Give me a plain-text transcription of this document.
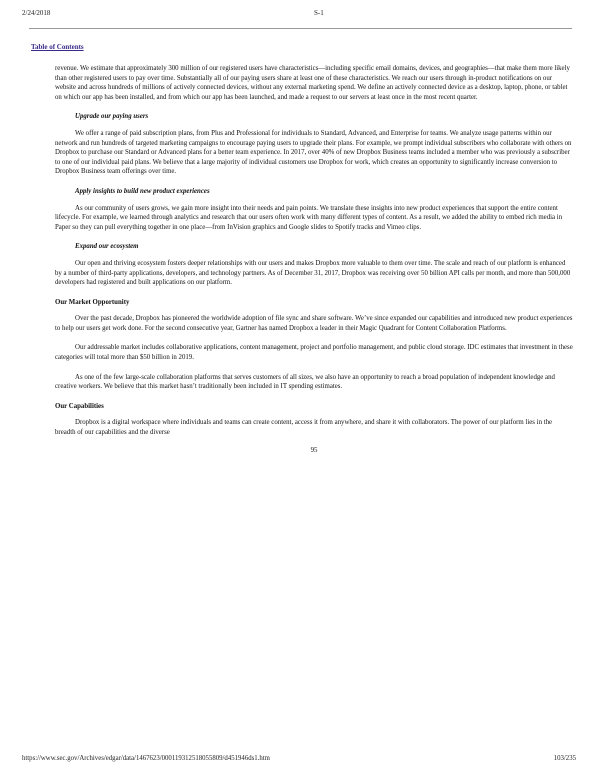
2/24/2018	S-1
Table of Contents

revenue. We estimate that approximately 300 million of our registered users have characteristics—including specific email domains, devices, and geographies—that make them more likely than other registered users to pay over time. Substantially all of our paying users share at least one of these characteristics. We reach our users through in-product notifications on our website and across hundreds of millions of actively connected devices, without any external marketing spend. We define an actively connected device as a desktop, laptop, phone, or tablet on which our app has been installed, and from which our app has been launched, and made a request to our servers at least once in the most recent quarter.

Upgrade our paying users

We offer a range of paid subscription plans, from Plus and Professional for individuals to Standard, Advanced, and Enterprise for teams. We analyze usage patterns within our network and run hundreds of targeted marketing campaigns to encourage paying users to upgrade their plans. For example, we prompt individual subscribers who collaborate with others on Dropbox to purchase our Standard or Advanced plans for a better team experience. In 2017, over 40% of new Dropbox Business teams included a member who was previously a subscriber to one of our individual paid plans. We believe that a large majority of individual customers use Dropbox for work, which creates an opportunity to significantly increase conversion to Dropbox Business team offerings over time.

Apply insights to build new product experiences

As our community of users grows, we gain more insight into their needs and pain points. We translate these insights into new product experiences that support the entire content lifecycle. For example, we learned through analytics and research that our users often work with many different types of content. As a result, we added the ability to embed rich media in Paper so they can pull everything together in one place—from InVision graphics and Google slides to Spotify tracks and Vimeo clips.

Expand our ecosystem

Our open and thriving ecosystem fosters deeper relationships with our users and makes Dropbox more valuable to them over time. The scale and reach of our platform is enhanced by a number of third-party applications, developers, and technology partners. As of December 31, 2017, Dropbox was receiving over 50 billion API calls per month, and more than 500,000 developers had registered and built applications on our platform.

Our Market Opportunity

Over the past decade, Dropbox has pioneered the worldwide adoption of file sync and share software. We’ve since expanded our capabilities and introduced new product experiences to help our users get work done. For the second consecutive year, Gartner has named Dropbox a leader in their Magic Quadrant for Content Collaboration Platforms.

Our addressable market includes collaborative applications, content management, project and portfolio management, and public cloud storage. IDC estimates that investment in these categories will total more than $50 billion in 2019.

As one of the few large-scale collaboration platforms that serves customers of all sizes, we also have an opportunity to reach a broad population of independent knowledge and creative workers. We believe that this market hasn’t traditionally been included in IT spending estimates.

Our Capabilities

Dropbox is a digital workspace where individuals and teams can create content, access it from anywhere, and share it with collaborators. The power of our platform lies in the breadth of our capabilities and the diverse

95
https://www.sec.gov/Archives/edgar/data/1467623/000119312518055809/d451946ds1.htm	103/235
